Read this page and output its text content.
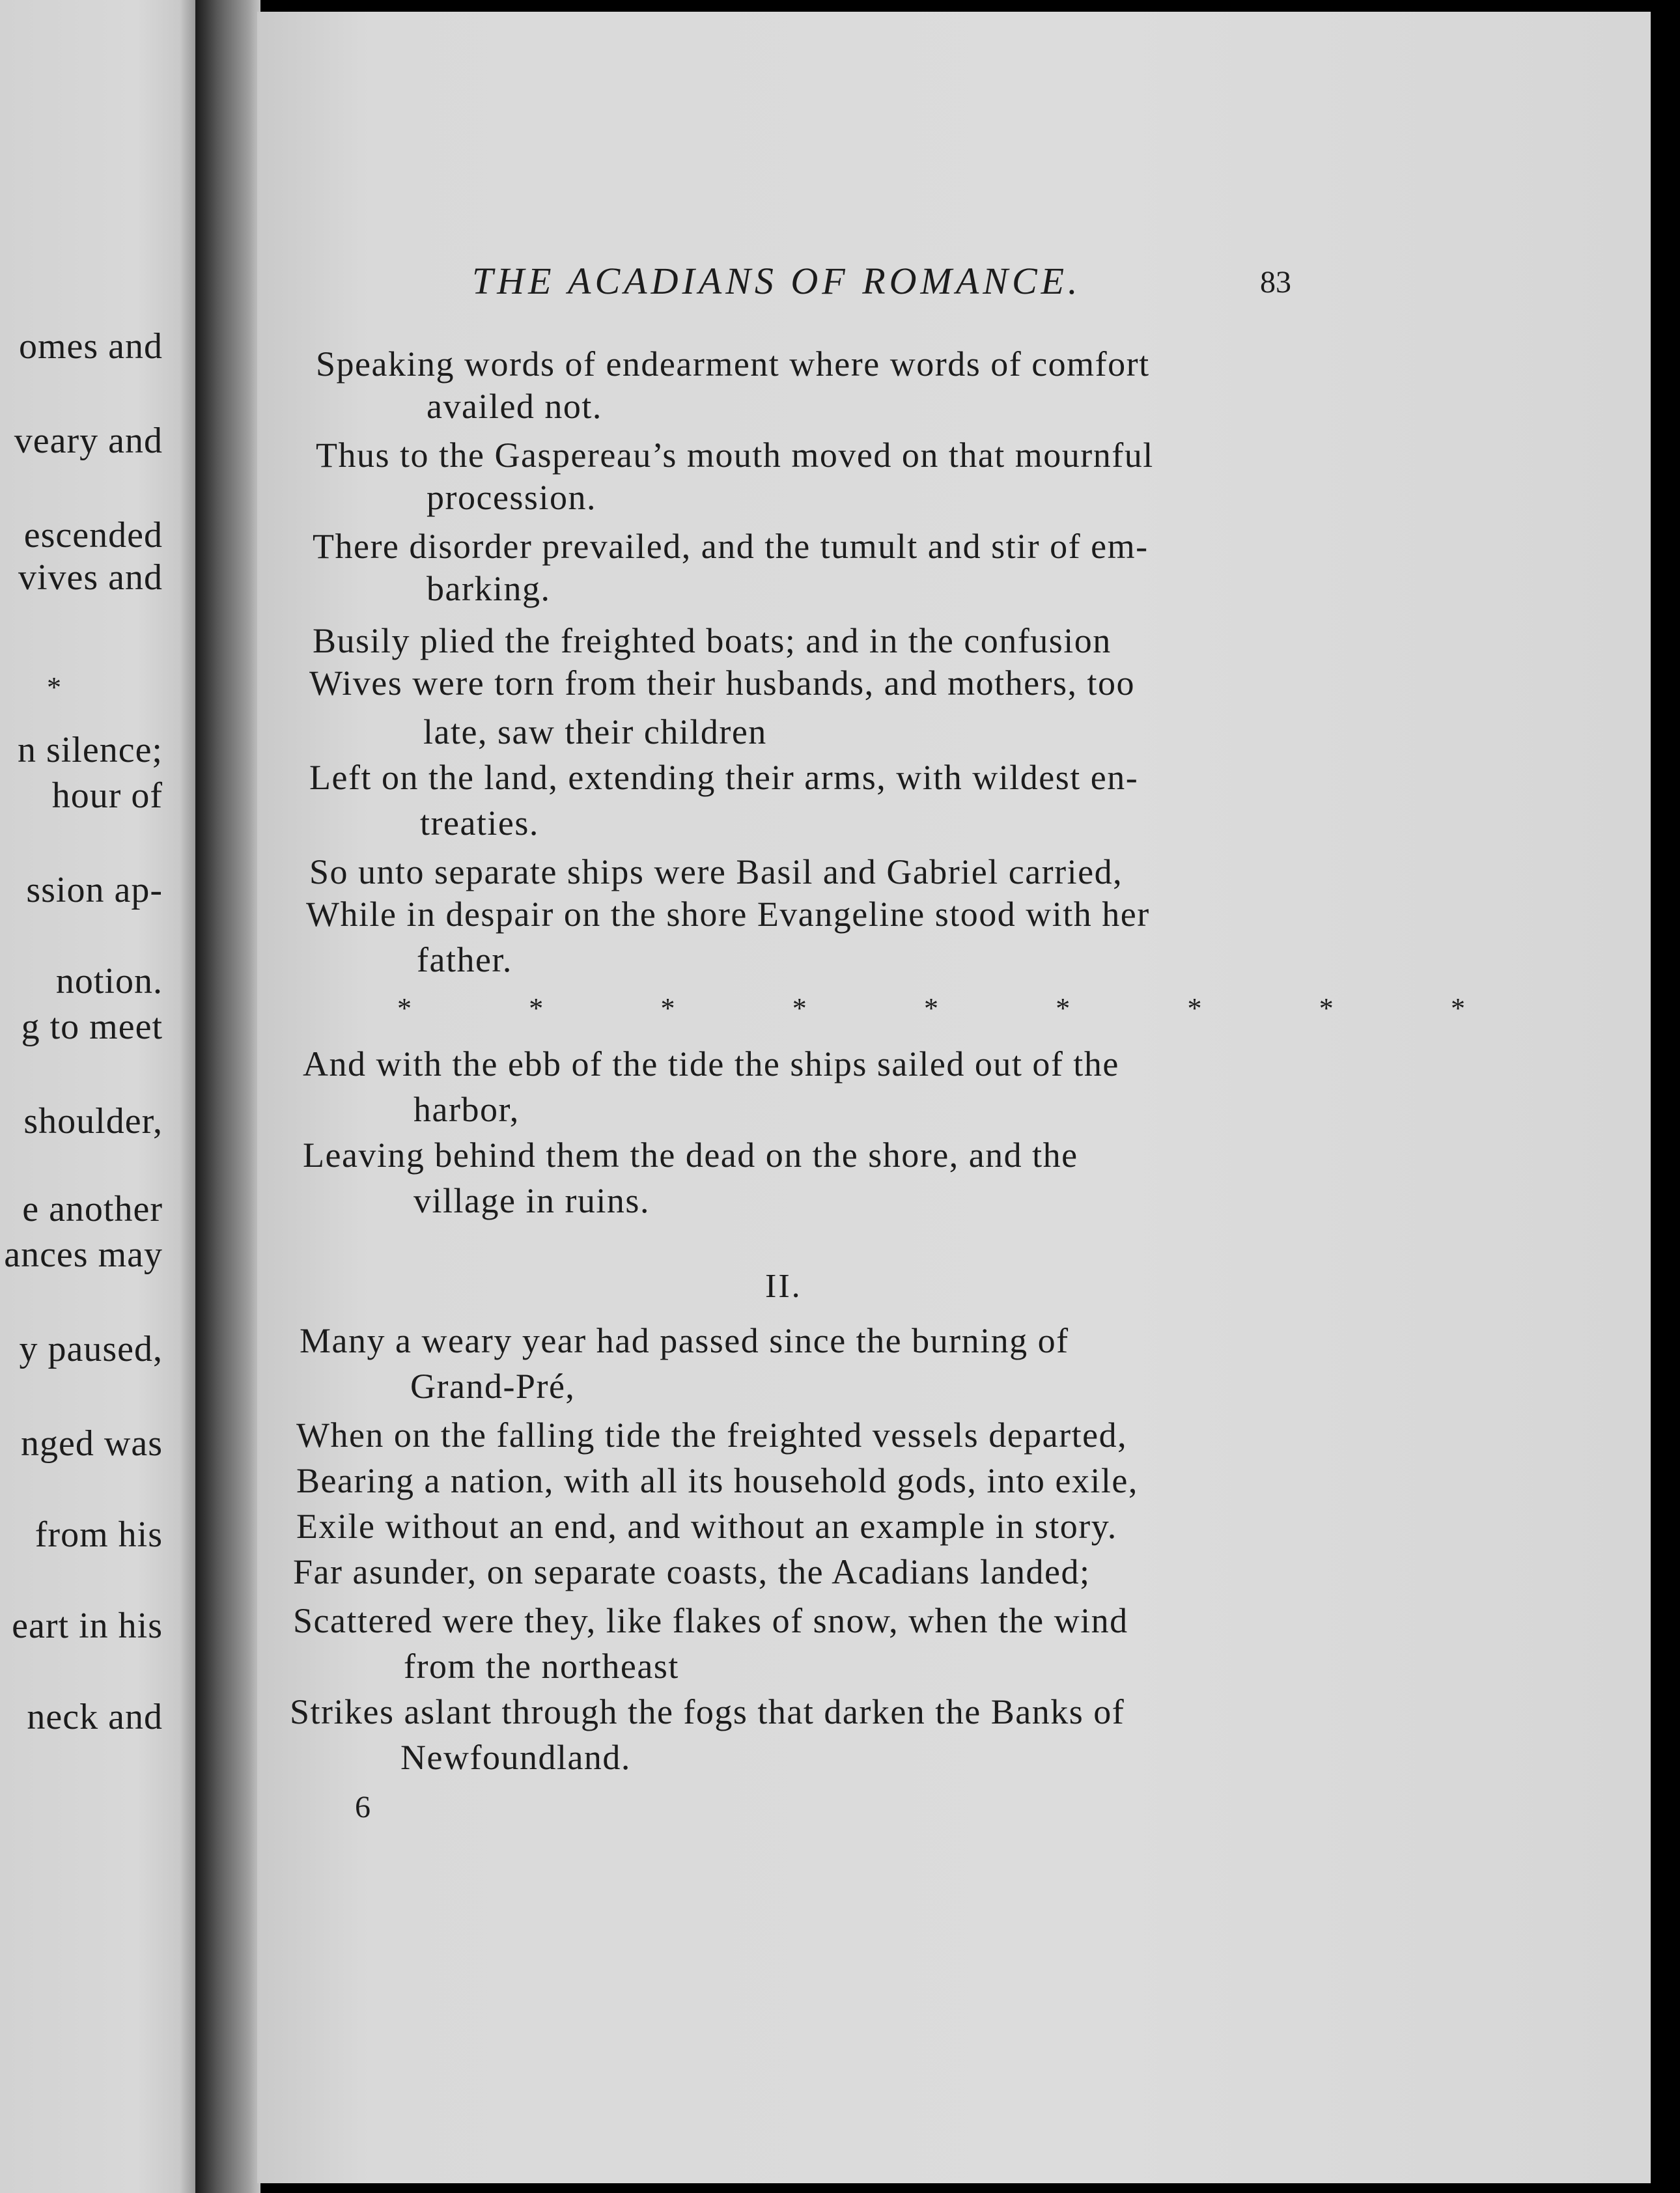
omes and
veary and
escended
vives and
*
n silence;
hour of
ssion ap-
notion.
g to meet
shoulder,
e another
ances may
y paused,
nged was
from his
eart in his
neck and
THE ACADIANS OF ROMANCE.	83
Speaking words of endearment where words of comfort
availed not.
Thus to the Gaspereau’s mouth moved on that mournful
procession.
There disorder prevailed, and the tumult and stir of em-
barking.
Busily plied the freighted boats; and in the confusion
Wives were torn from their husbands, and mothers, too
late, saw their children
Left on the land, extending their arms, with wildest en-
treaties.
So unto separate ships were Basil and Gabriel carried,
While in despair on the shore Evangeline stood with her
father.
*	*	*	*	*	*	*	*	*
And with the ebb of the tide the ships sailed out of the
harbor,
Leaving behind them the dead on the shore, and the
village in ruins.
II.
Many a weary year had passed since the burning of
Grand-Pré,
When on the falling tide the freighted vessels departed,
Bearing a nation, with all its household gods, into exile,
Exile without an end, and without an example in story.
Far asunder, on separate coasts, the Acadians landed;
Scattered were they, like flakes of snow, when the wind
from the northeast
Strikes aslant through the fogs that darken the Banks of
Newfoundland.
6
